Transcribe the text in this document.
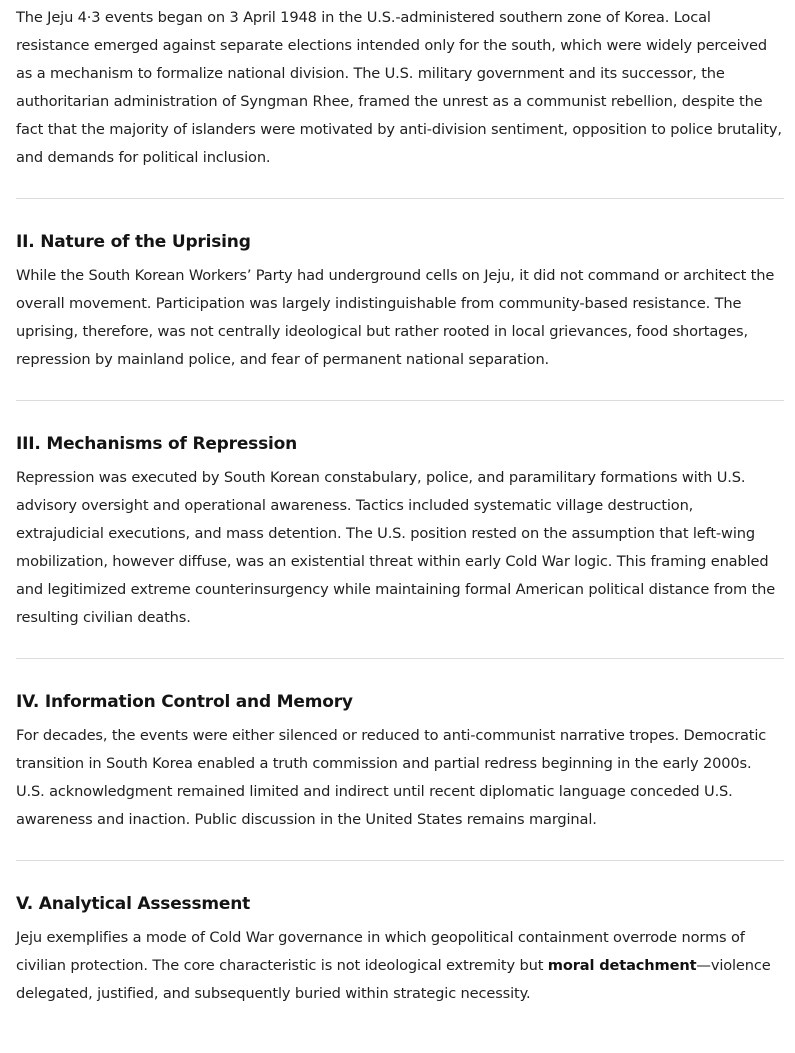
The Jeju 4·3 events began on 3 April 1948 in the U.S.-administered southern zone of Korea. Local resistance emerged against separate elections intended only for the south, which were widely perceived as a mechanism to formalize national division. The U.S. military government and its successor, the authoritarian administration of Syngman Rhee, framed the unrest as a communist rebellion, despite the fact that the majority of islanders were motivated by anti-division sentiment, opposition to police brutality, and demands for political inclusion.

II. Nature of the Uprising

While the South Korean Workers’ Party had underground cells on Jeju, it did not command or architect the overall movement. Participation was largely indistinguishable from community-based resistance. The uprising, therefore, was not centrally ideological but rather rooted in local grievances, food shortages, repression by mainland police, and fear of permanent national separation.

III. Mechanisms of Repression

Repression was executed by South Korean constabulary, police, and paramilitary formations with U.S. advisory oversight and operational awareness. Tactics included systematic village destruction, extrajudicial executions, and mass detention. The U.S. position rested on the assumption that left-wing mobilization, however diffuse, was an existential threat within early Cold War logic. This framing enabled and legitimized extreme counterinsurgency while maintaining formal American political distance from the resulting civilian deaths.

IV. Information Control and Memory

For decades, the events were either silenced or reduced to anti-communist narrative tropes. Democratic transition in South Korea enabled a truth commission and partial redress beginning in the early 2000s. U.S. acknowledgment remained limited and indirect until recent diplomatic language conceded U.S. awareness and inaction. Public discussion in the United States remains marginal.

V. Analytical Assessment

Jeju exemplifies a mode of Cold War governance in which geopolitical containment overrode norms of civilian protection. The core characteristic is not ideological extremity but moral detachment—violence delegated, justified, and subsequently buried within strategic necessity.
